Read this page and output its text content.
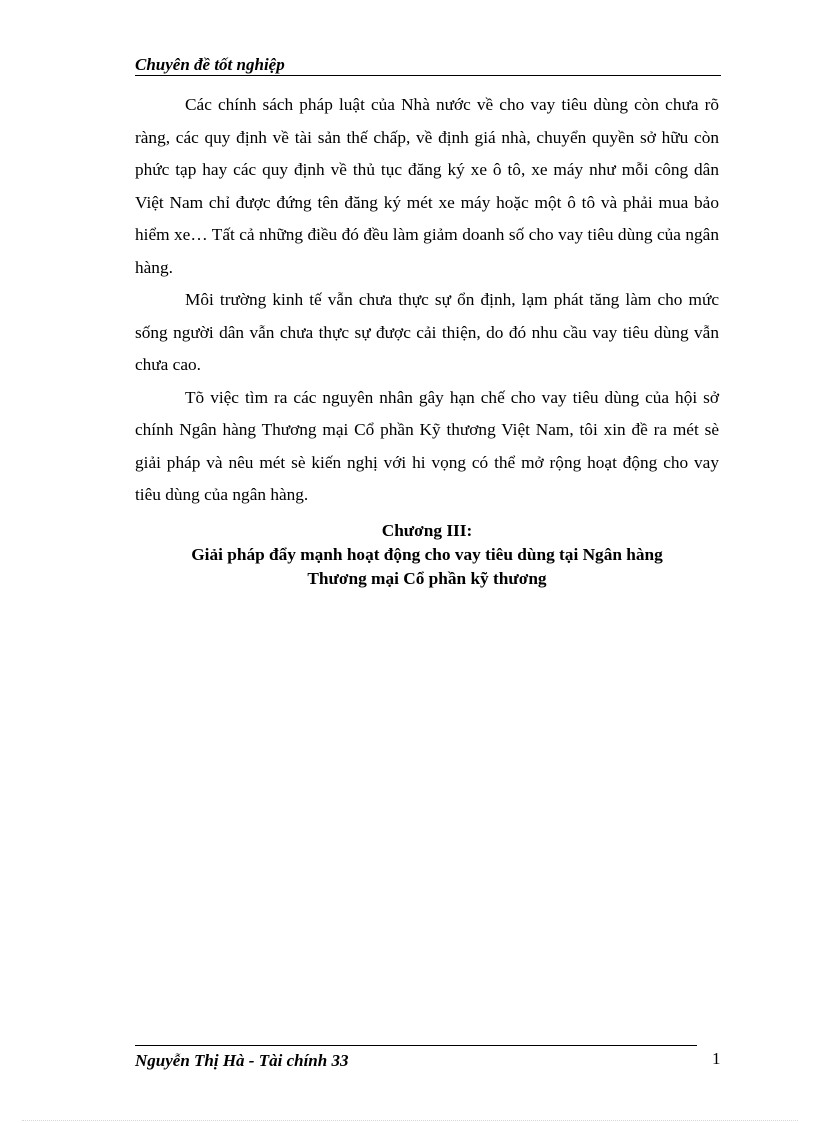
Chuyên đề tốt nghiệp

Các chính sách pháp luật của Nhà nước về cho vay tiêu dùng còn chưa rõ ràng, các quy định về tài sản thế chấp, về định giá nhà, chuyển quyền sở hữu còn phức tạp hay các quy định về thủ tục đăng ký xe ô tô, xe máy như mỗi công dân Việt Nam chỉ được đứng tên đăng ký mét xe máy hoặc một ô tô và phải mua bảo hiểm xe… Tất cả những điều đó đều làm giảm doanh số cho vay tiêu dùng của ngân hàng.

Môi trường kinh tế vẫn chưa thực sự ổn định, lạm phát tăng làm cho mức sống người dân vẫn chưa thực sự được cải thiện, do đó nhu cầu vay tiêu dùng vẫn chưa cao.

Tõ việc tìm ra các nguyên nhân gây hạn chế cho vay tiêu dùng của hội sở chính Ngân hàng Thương mại Cổ phần Kỹ thương Việt Nam, tôi xin đề ra mét sè giải pháp và nêu mét sè kiến nghị với hi vọng có thể mở rộng hoạt động cho vay tiêu dùng của ngân hàng.

Chương III:
Giải pháp đẩy mạnh hoạt động cho vay tiêu dùng tại Ngân hàng Thương mại Cổ phần kỹ thương
Nguyễn Thị Hà - Tài chính 33	1
